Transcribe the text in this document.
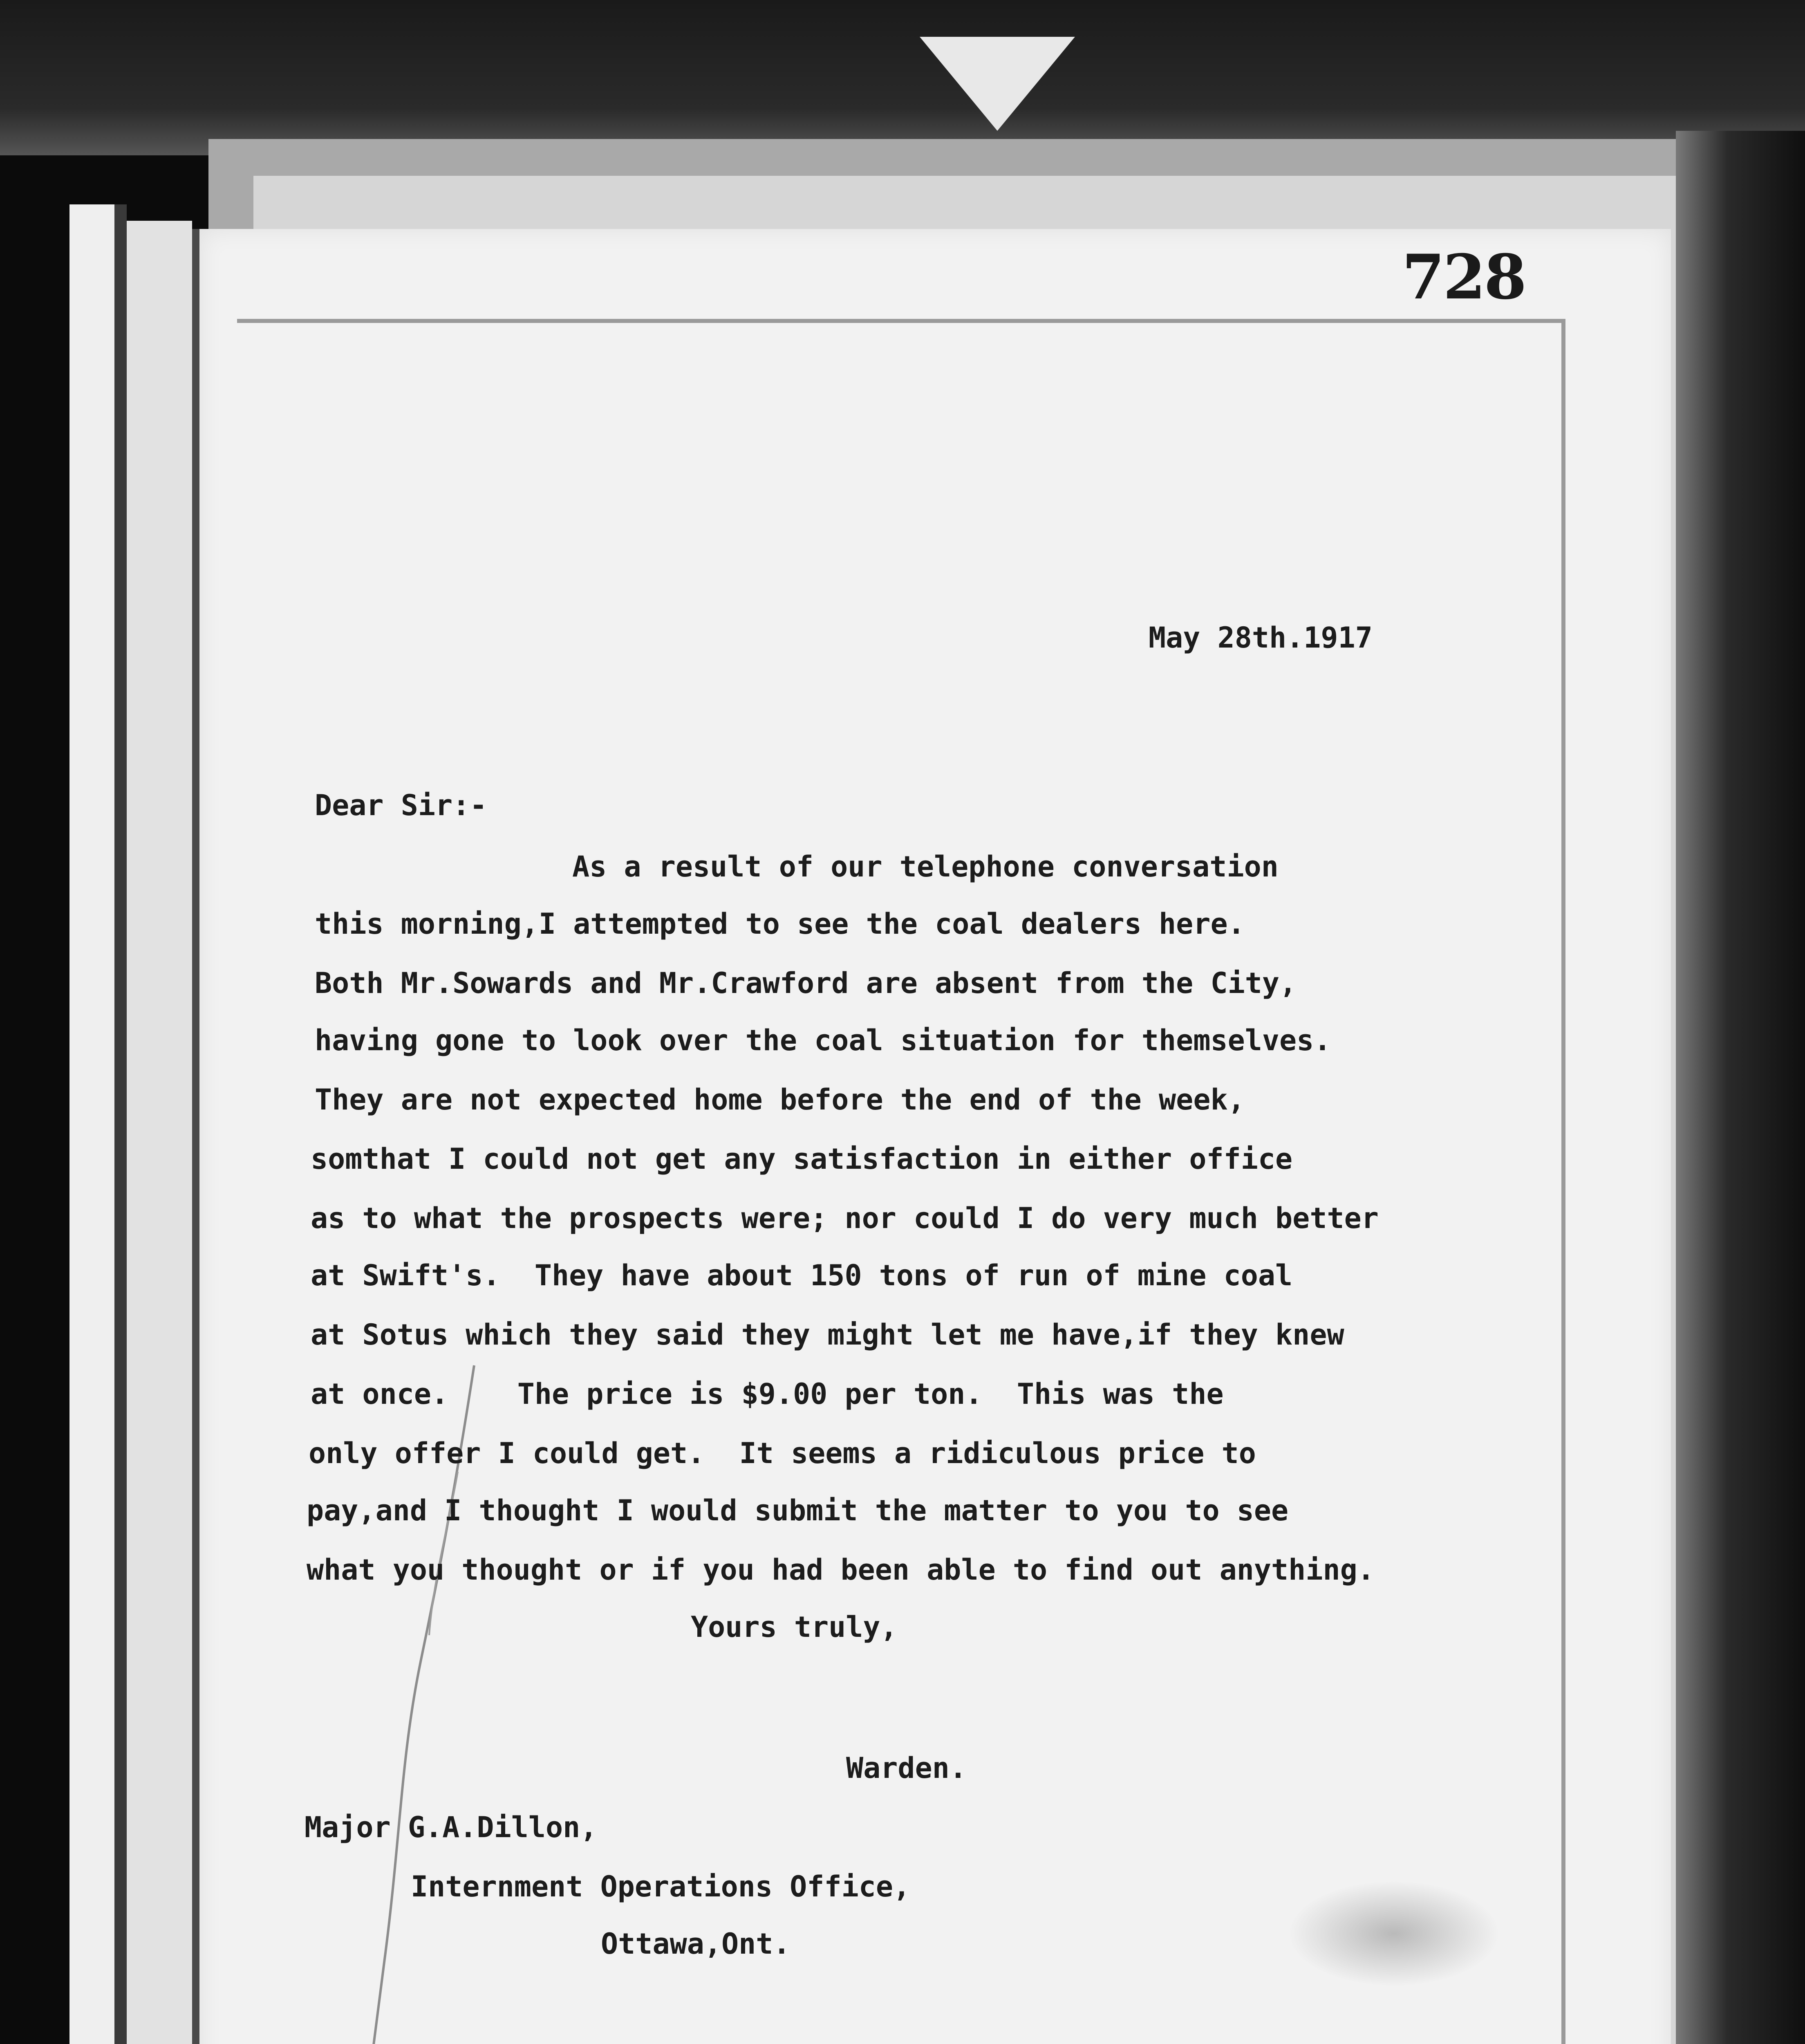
728
May 28th.1917
Dear Sir:-
As a result of our telephone conversation
this morning,I attempted to see the coal dealers here.
Both Mr.Sowards and Mr.Crawford are absent from the City,
having gone to look over the coal situation for themselves.
They are not expected home before the end of the week,
somthat I could not get any satisfaction in either office
as to what the prospects were; nor could I do very much better
at Swift's.  They have about 150 tons of run of mine coal
at Sotus which they said they might let me have,if they knew
at once.    The price is $9.00 per ton.  This was the
only offer I could get.  It seems a ridiculous price to
pay,and I thought I would submit the matter to you to see
what you thought or if you had been able to find out anything.
Yours truly,
Warden.
Major G.A.Dillon,
Internment Operations Office,
Ottawa,Ont.
